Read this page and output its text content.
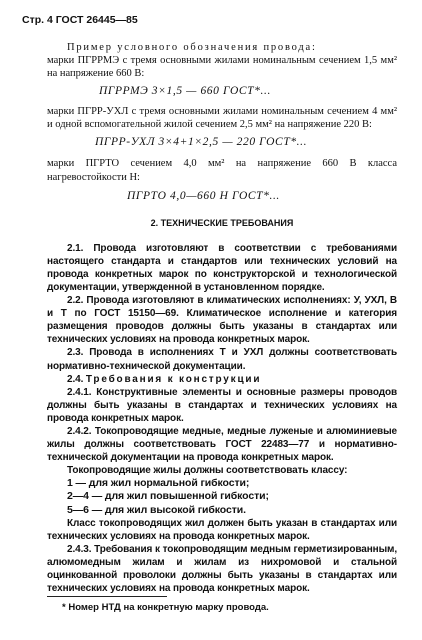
Стр. 4 ГОСТ 26445—85

Пример условного обозначения провода:

марки ПГРРМЭ с тремя основными жилами номинальным сечением 1,5 мм² на напряжение 660 В:

ПГРРМЭ 3×1,5 — 660 ГОСТ*...

марки ПГРР-УХЛ с тремя основными жилами номинальным сечением 4 мм² и одной вспомогательной жилой сечением 2,5 мм² на напряжение 220 В:

ПГРР-УХЛ 3×4+1×2,5 — 220 ГОСТ*...

марки ПГРТО сечением 4,0 мм² на напряжение 660 В класса нагревостойкости Н:

ПГРТО 4,0—660 Н ГОСТ*...

2. ТЕХНИЧЕСКИЕ ТРЕБОВАНИЯ

2.1. Провода изготовляют в соответствии с требованиями настоящего стандарта и стандартов или технических условий на провода конкретных марок по конструкторской и технологической документации, утвержденной в установленном порядке.

2.2. Провода изготовляют в климатических исполнениях: У, УХЛ, В и Т по ГОСТ 15150—69. Климатическое исполнение и категория размещения проводов должны быть указаны в стандартах или технических условиях на провода конкретных марок.

2.3. Провода в исполнениях Т и УХЛ должны соответствовать нормативно-технической документации.

2.4. Требования к конструкции

2.4.1. Конструктивные элементы и основные размеры проводов должны быть указаны в стандартах и технических условиях на провода конкретных марок.

2.4.2. Токопроводящие медные, медные луженые и алюминиевые жилы должны соответствовать ГОСТ 22483—77 и нормативно-технической документации на провода конкретных марок.

Токопроводящие жилы должны соответствовать классу:

1 — для жил нормальной гибкости;

2—4 — для жил повышенной гибкости;

5—6 — для жил высокой гибкости.

Класс токопроводящих жил должен быть указан в стандартах или технических условиях на провода конкретных марок.

2.4.3. Требования к токопроводящим медным герметизированным, алюмомедным жилам и жилам из нихромовой и стальной оцинкованной проволоки должны быть указаны в стандартах или технических условиях на провода конкретных марок.

* Номер НТД на конкретную марку провода.
